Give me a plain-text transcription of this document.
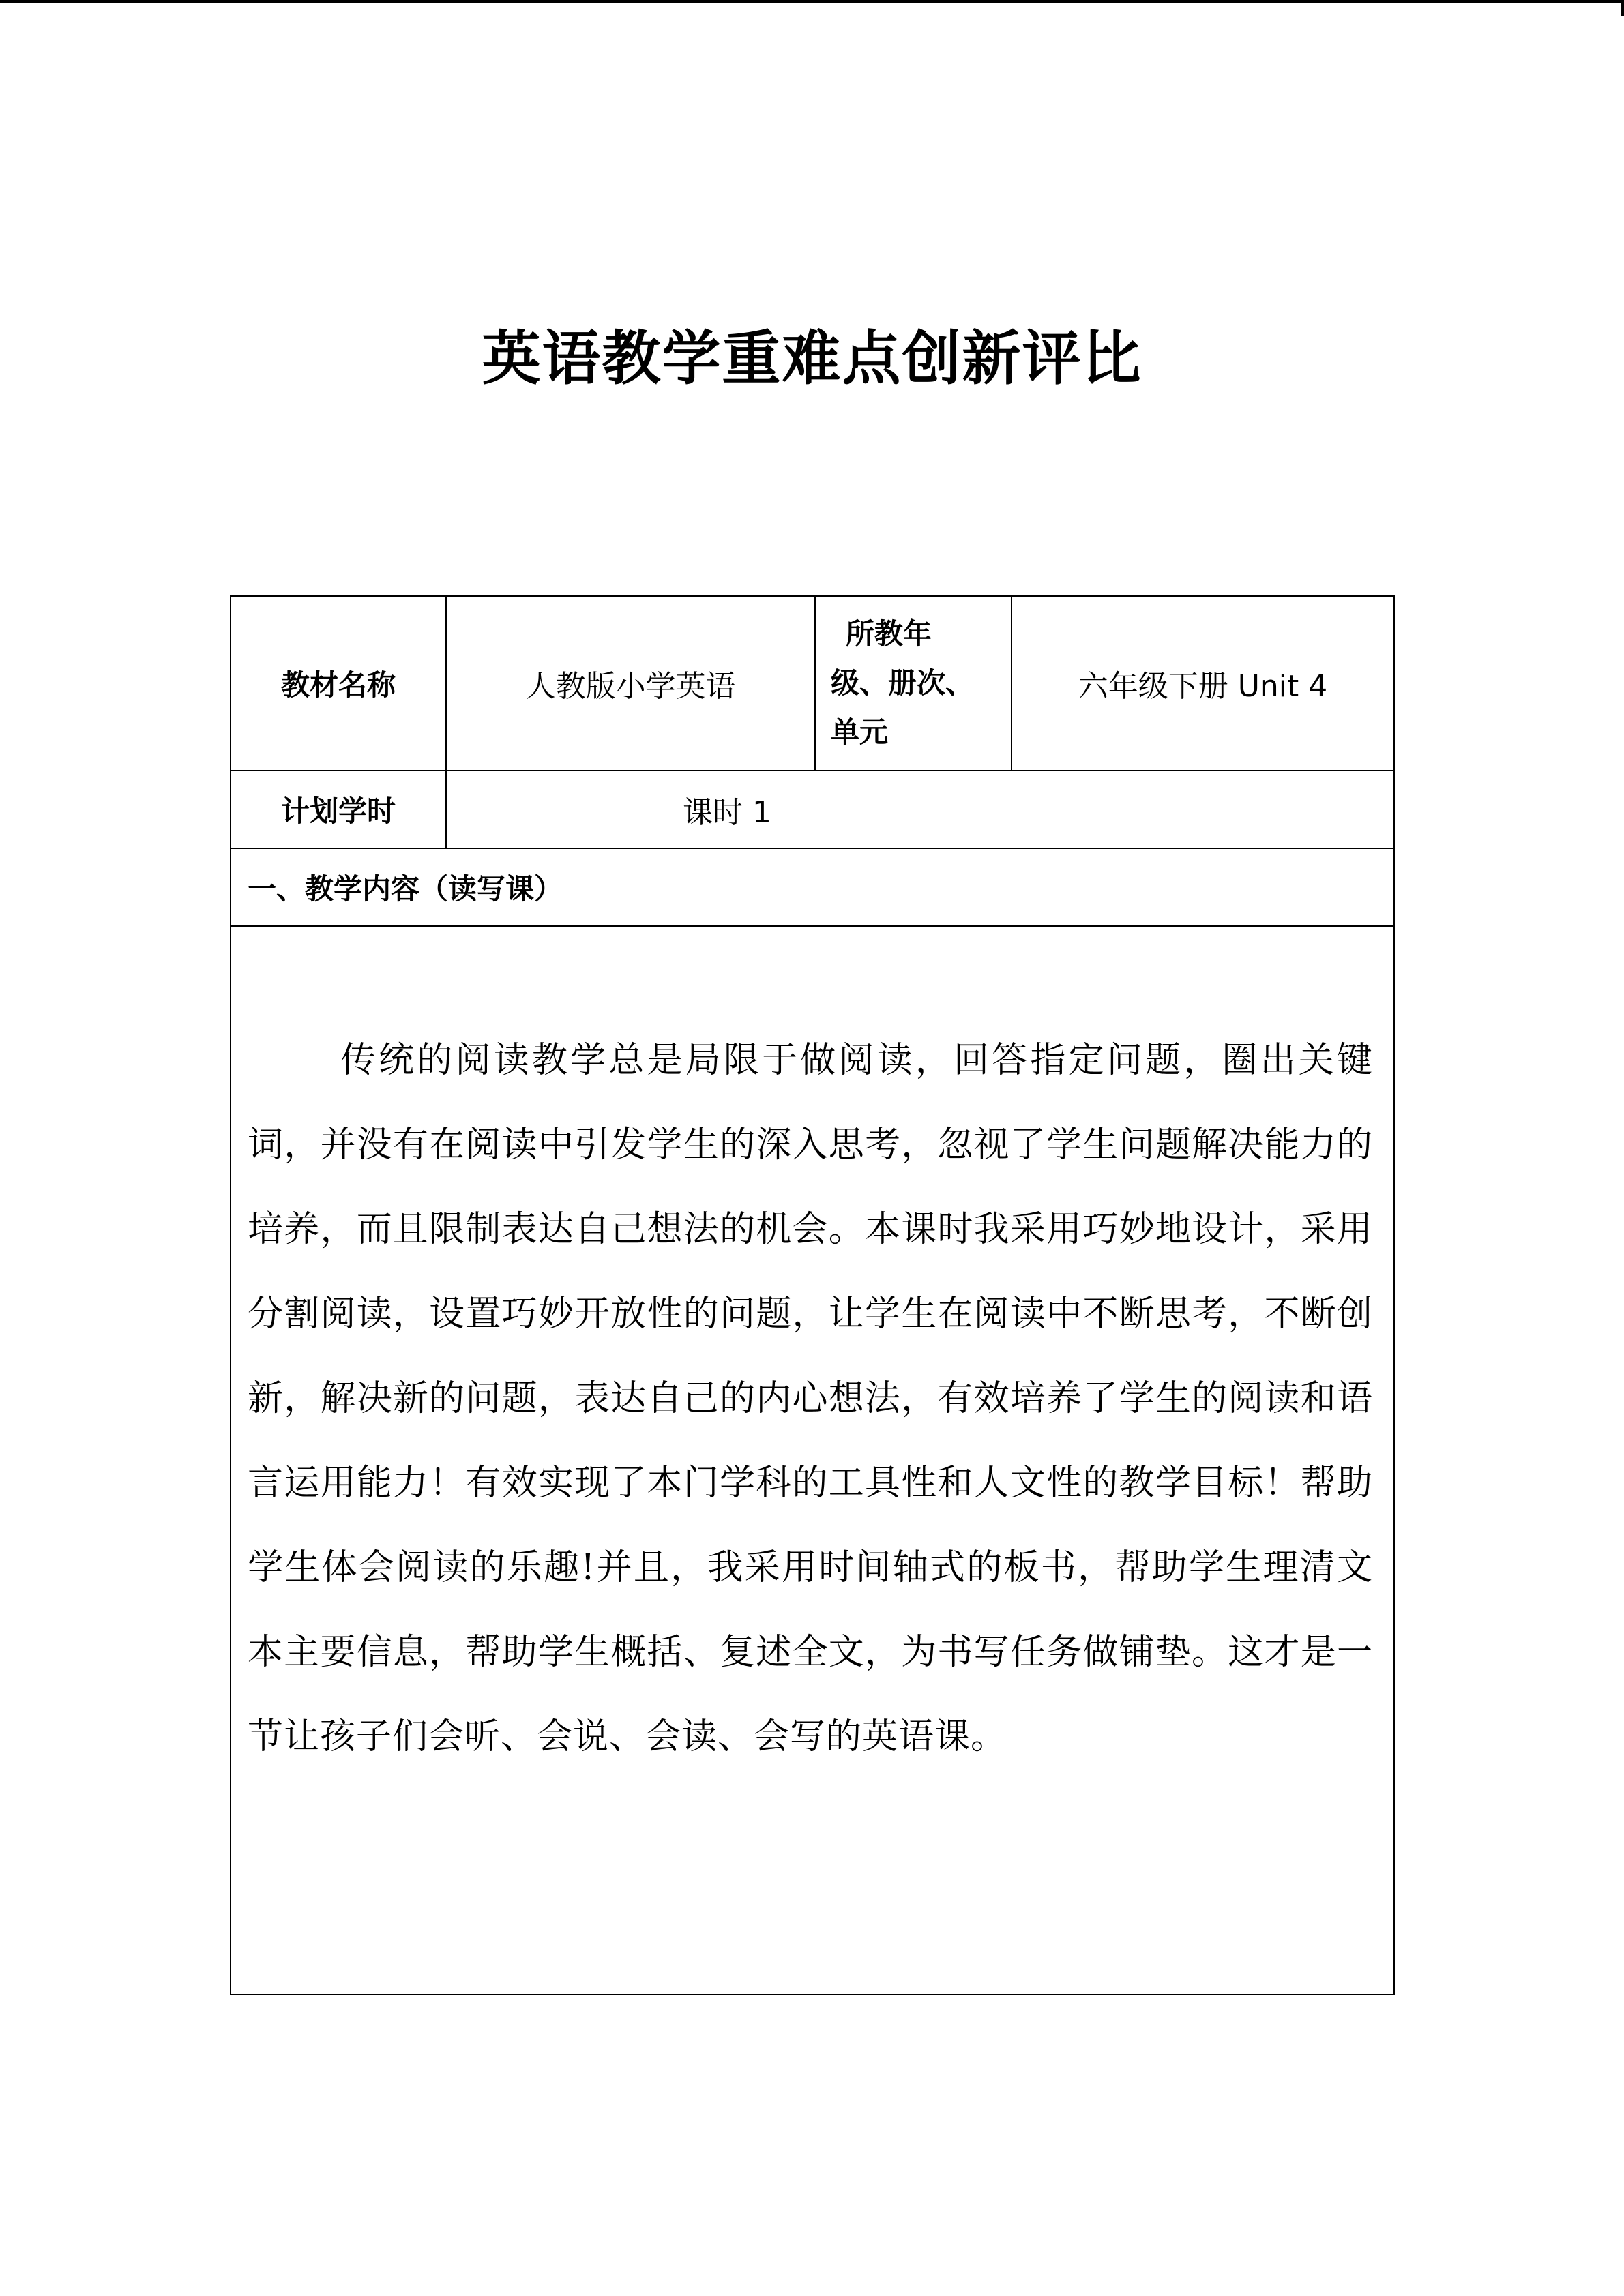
英语教学重难点创新评比
教材名称	人教版小学英语	所教年
级、册次、
单元	六年级下册 Unit 4
计划学时	课时 1		
一、教学内容（读写课）			

传统的阅读教学总是局限于做阅读，回答指定问题，圈出关键词，并没有在阅读中引发学生的深入思考，忽视了学生问题解决能力的培养，而且限制表达自己想法的机会。本课时我采用巧妙地设计，采用分割阅读，设置巧妙开放性的问题，让学生在阅读中不断思考，不断创新，解决新的问题，表达自己的内心想法，有效培养了学生的阅读和语言运用能力！有效实现了本门学科的工具性和人文性的教学目标！帮助学生体会阅读的乐趣!并且，我采用时间轴式的板书，帮助学生理清文本主要信息，帮助学生概括、复述全文，为书写任务做铺垫。这才是一节让孩子们会听、会说、会读、会写的英语课。			
